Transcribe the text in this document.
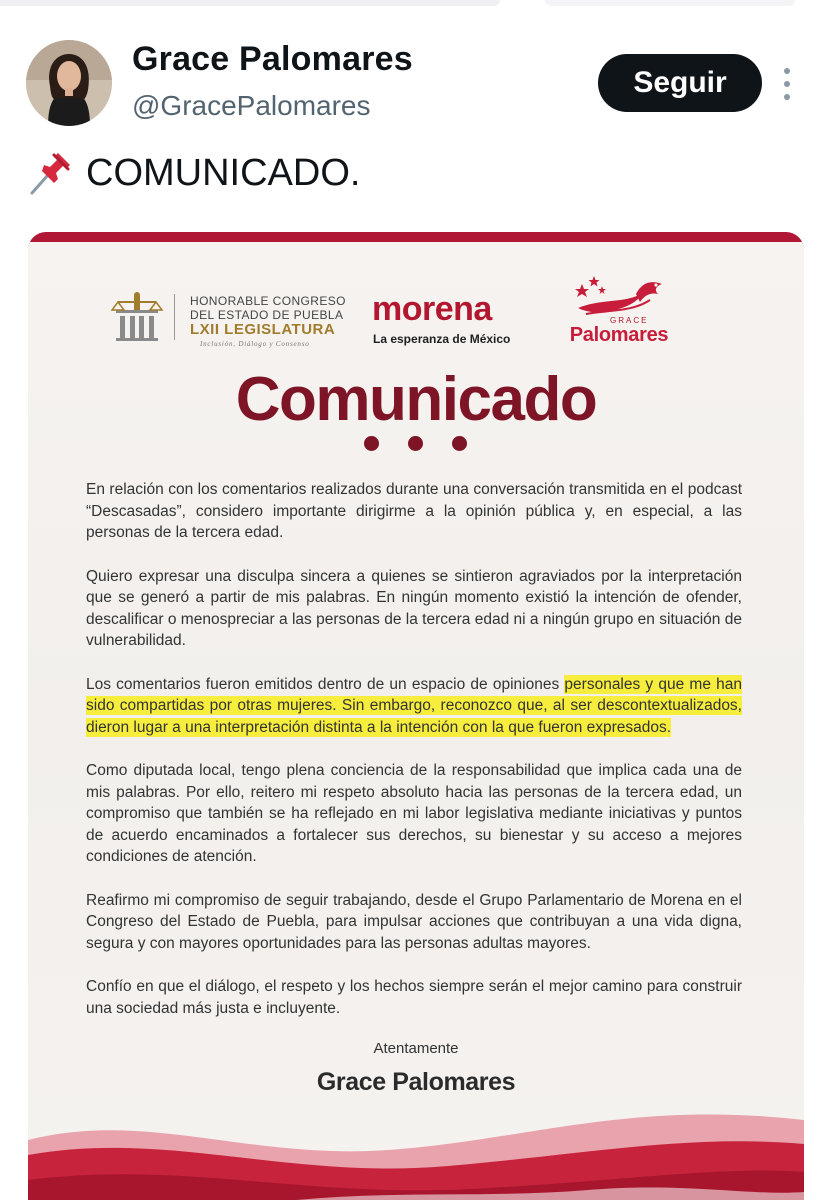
Grace Palomares
@GracePalomares
Seguir
COMUNICADO.
HONORABLE CONGRESO
DEL ESTADO DE PUEBLA
LXII LEGISLATURA
Inclusión, Diálogo y Consenso
morena
La esperanza de México
GRACE
Palomares
Comunicado

En relación con los comentarios realizados durante una conversación transmitida en el podcast “Descasadas”, considero importante dirigirme a la opinión pública y, en especial, a las personas de la tercera edad.

Quiero expresar una disculpa sincera a quienes se sintieron agraviados por la interpretación que se generó a partir de mis palabras. En ningún momento existió la intención de ofender, descalificar o menospreciar a las personas de la tercera edad ni a ningún grupo en situación de vulnerabilidad.

Los comentarios fueron emitidos dentro de un espacio de opiniones personales y que me han sido compartidas por otras mujeres. Sin embargo, reconozco que, al ser descontextualizados, dieron lugar a una interpretación distinta a la intención con la que fueron expresados.

Como diputada local, tengo plena conciencia de la responsabilidad que implica cada una de mis palabras. Por ello, reitero mi respeto absoluto hacia las personas de la tercera edad, un compromiso que también se ha reflejado en mi labor legislativa mediante iniciativas y puntos de acuerdo encaminados a fortalecer sus derechos, su bienestar y su acceso a mejores condiciones de atención.

Reafirmo mi compromiso de seguir trabajando, desde el Grupo Parlamentario de Morena en el Congreso del Estado de Puebla, para impulsar acciones que contribuyan a una vida digna, segura y con mayores oportunidades para las personas adultas mayores.

Confío en que el diálogo, el respeto y los hechos siempre serán el mejor camino para construir una sociedad más justa e incluyente.

Atentamente
Grace Palomares
